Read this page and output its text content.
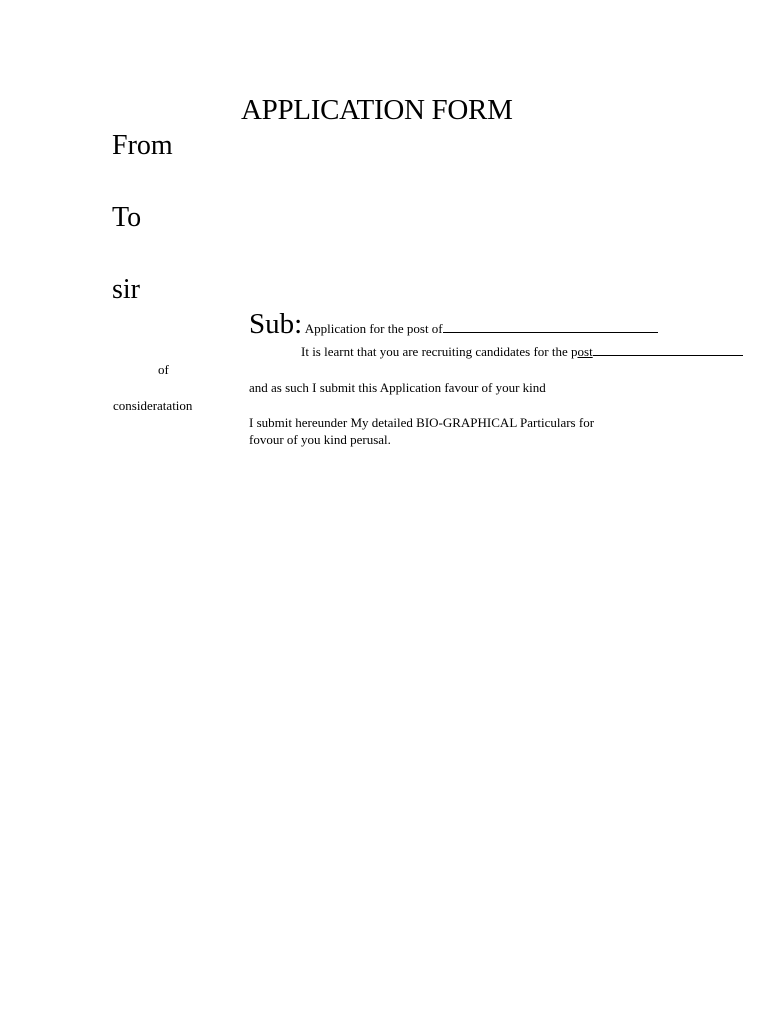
APPLICATION FORM
From
To
sir
of
consideratation
Sub: Application for the post of
It is learnt that you are recruiting candidates for the post
and as such I submit this Application favour of your kind
I submit hereunder My detailed BIO-GRAPHICAL Particulars for
fovour of you kind perusal.
